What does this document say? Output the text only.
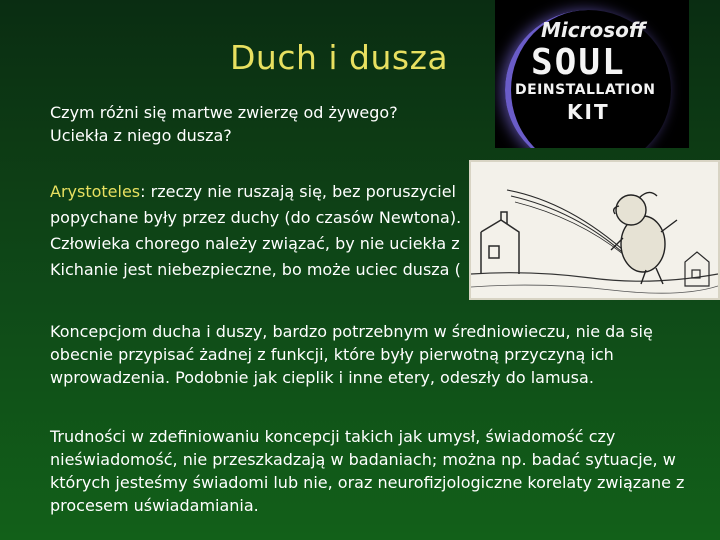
Duch i dusza
Czym różni się martwe zwierzę od żywego?
Uciekła z niego dusza?
Arystoteles: rzeczy nie ruszają się, bez poruszyciel
popychane były przez duchy (do czasów Newtona).
Człowieka chorego należy związać, by nie uciekła z
Kichanie jest niebezpieczne, bo może uciec dusza (
Koncepcjom ducha i duszy, bardzo potrzebnym w średniowieczu, nie da się obecnie przypisać żadnej z funkcji, które były pierwotną przyczyną ich wprowadzenia. Podobnie jak cieplik i inne etery, odeszły do lamusa.
Trudności w zdefiniowaniu koncepcji takich jak umysł, świadomość czy nieświadomość, nie przeszkadzają w badaniach; można np. badać sytuacje, w których jesteśmy świadomi lub nie, oraz neurofizjologiczne korelaty związane z procesem uświadamiania.
Microsoff
SOUL
DEINSTALLATION
KIT
